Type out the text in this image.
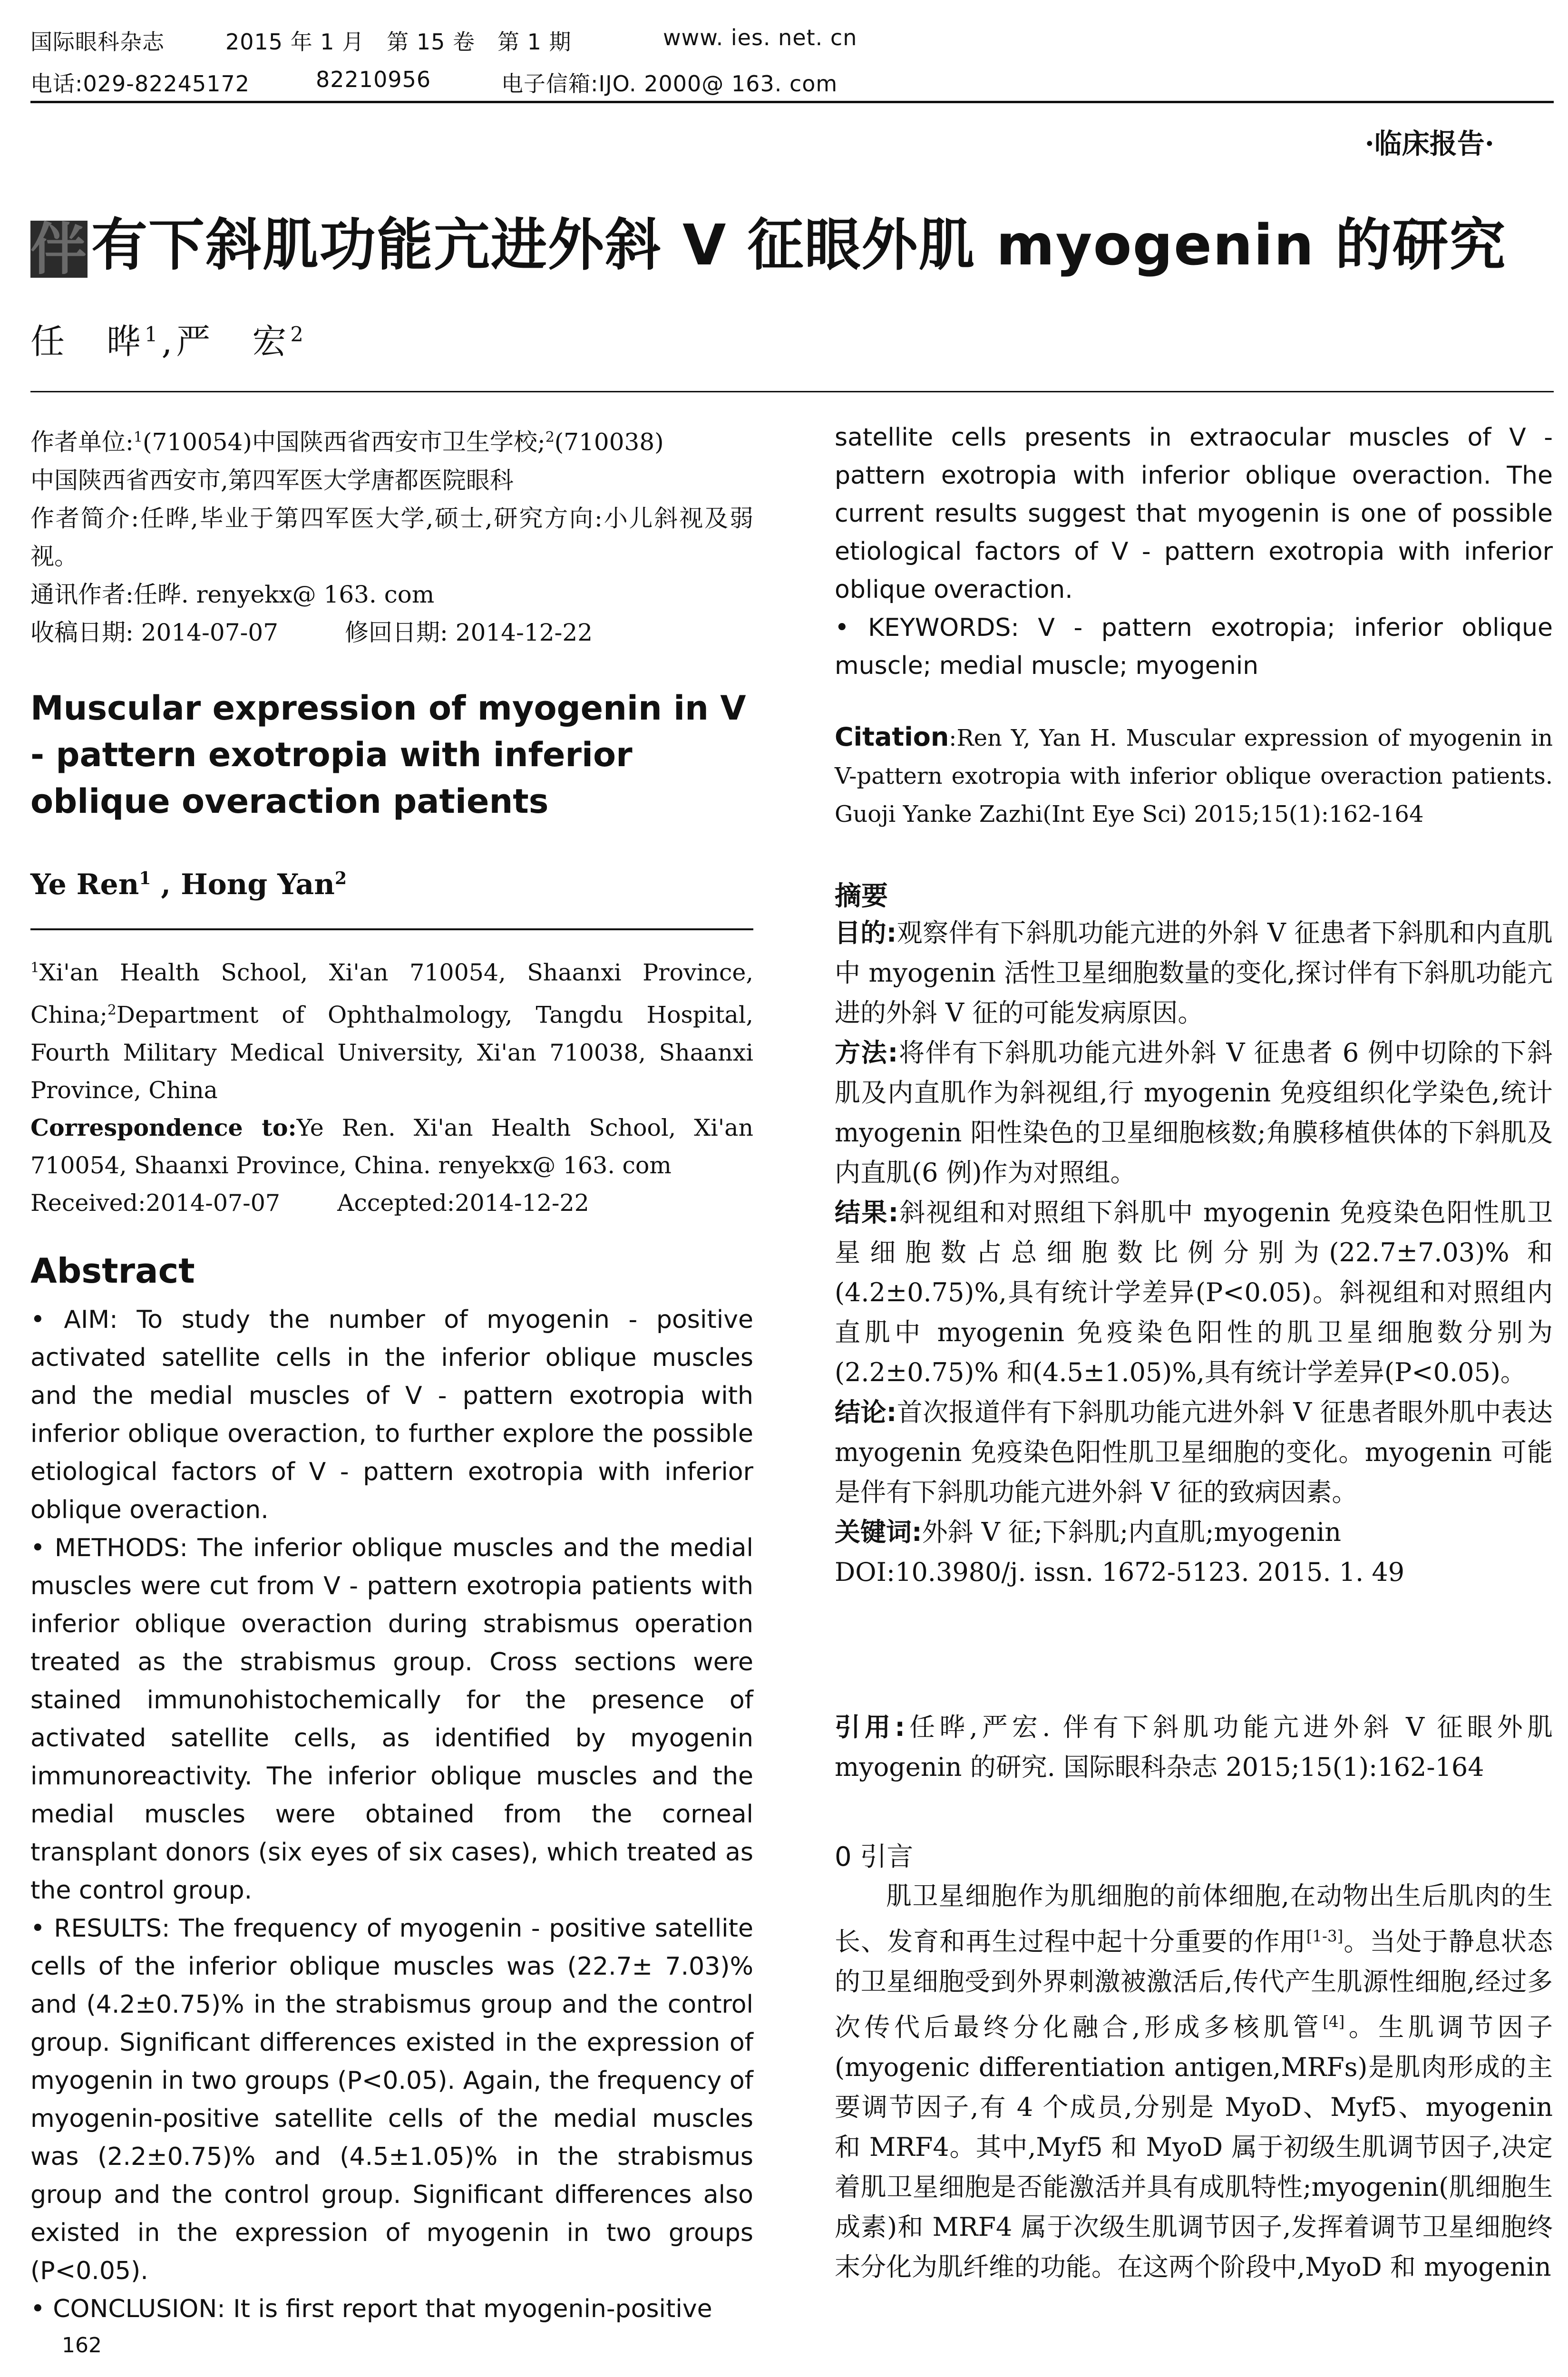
国际眼科杂志	2015 年 1 月　第 15 卷　第 1 期	www. ies. net. cn
电话:029-82245172	82210956	电子信箱:IJO. 2000@ 163. com
·临床报告·
伴有下斜肌功能亢进外斜 V 征眼外肌 myogenin 的研究
任　晔$^1$,严　宏$^2$

作者单位:$^1$(710054)中国陕西省西安市卫生学校;$^2$(710038)
中国陕西省西安市,第四军医大学唐都医院眼科

作者简介:任晔,毕业于第四军医大学,硕士,研究方向:小儿斜视及弱视。

通讯作者:任晔. renyekx@ 163. com

收稿日期: 2014-07-07	修回日期: 2014-12-22

Muscular expression of myogenin in V - pattern exotropia with inferior oblique overaction patients
Ye Ren$^1$ , Hong Yan$^2$

$^1$Xi'an Health School, Xi'an 710054, Shaanxi Province, China;$^2$Department of Ophthalmology, Tangdu Hospital, Fourth Military Medical University, Xi'an 710038, Shaanxi Province, China

Correspondence to:Ye Ren. Xi'an Health School, Xi'an 710054, Shaanxi Province, China. renyekx@ 163. com

Received:2014-07-07 Accepted:2014-12-22

Abstract

• AIM: To study the number of myogenin - positive activated satellite cells in the inferior oblique muscles and the medial muscles of V - pattern exotropia with inferior oblique overaction, to further explore the possible etiological factors of V - pattern exotropia with inferior oblique overaction.

• METHODS: The inferior oblique muscles and the medial muscles were cut from V - pattern exotropia patients with inferior oblique overaction during strabismus operation treated as the strabismus group. Cross sections were stained immunohistochemically for the presence of activated satellite cells, as identified by myogenin immunoreactivity. The inferior oblique muscles and the medial muscles were obtained from the corneal transplant donors (six eyes of six cases), which treated as the control group.

• RESULTS: The frequency of myogenin - positive satellite cells of the inferior oblique muscles was (22.7± 7.03)% and (4.2±0.75)% in the strabismus group and the control group. Significant differences existed in the expression of myogenin in two groups (P<0.05). Again, the frequency of myogenin-positive satellite cells of the medial muscles was (2.2±0.75)% and (4.5±1.05)% in the strabismus group and the control group. Significant differences also existed in the expression of myogenin in two groups (P<0.05).

• CONCLUSION: It is first report that myogenin-positive

satellite cells presents in extraocular muscles of V - pattern exotropia with inferior oblique overaction. The current results suggest that myogenin is one of possible etiological factors of V - pattern exotropia with inferior oblique overaction.

• KEYWORDS: V - pattern exotropia; inferior oblique muscle; medial muscle; myogenin

Citation:Ren Y, Yan H. Muscular expression of myogenin in V-pattern exotropia with inferior oblique overaction patients. Guoji Yanke Zazhi(Int Eye Sci) 2015;15(1):162-164
摘要

目的:观察伴有下斜肌功能亢进的外斜 V 征患者下斜肌和内直肌中 myogenin 活性卫星细胞数量的变化,探讨伴有下斜肌功能亢进的外斜 V 征的可能发病原因。

方法:将伴有下斜肌功能亢进外斜 V 征患者 6 例中切除的下斜肌及内直肌作为斜视组,行 myogenin 免疫组织化学染色,统计 myogenin 阳性染色的卫星细胞核数;角膜移植供体的下斜肌及内直肌(6 例)作为对照组。

结果:斜视组和对照组下斜肌中 myogenin 免疫染色阳性肌卫星细胞数占总细胞数比例分别为(22.7±7.03)% 和(4.2±0.75)%,具有统计学差异(P<0.05)。斜视组和对照组内直肌中 myogenin 免疫染色阳性的肌卫星细胞数分别为(2.2±0.75)% 和(4.5±1.05)%,具有统计学差异(P<0.05)。

结论:首次报道伴有下斜肌功能亢进外斜 V 征患者眼外肌中表达 myogenin 免疫染色阳性肌卫星细胞的变化。myogenin 可能是伴有下斜肌功能亢进外斜 V 征的致病因素。

关键词:外斜 V 征;下斜肌;内直肌;myogenin

DOI:10.3980/j. issn. 1672-5123. 2015. 1. 49

引用:任晔,严宏. 伴有下斜肌功能亢进外斜 V 征眼外肌 myogenin 的研究. 国际眼科杂志 2015;15(1):162-164

0 引言

肌卫星细胞作为肌细胞的前体细胞,在动物出生后肌肉的生长、发育和再生过程中起十分重要的作用[1-3]。当处于静息状态的卫星细胞受到外界刺激被激活后,传代产生肌源性细胞,经过多次传代后最终分化融合,形成多核肌管[4]。生肌调节因子(myogenic differentiation antigen,MRFs)是肌肉形成的主要调节因子,有 4 个成员,分别是 MyoD、Myf5、myogenin 和 MRF4。其中,Myf5 和 MyoD 属于初级生肌调节因子,决定着肌卫星细胞是否能激活并具有成肌特性;myogenin(肌细胞生成素)和 MRF4 属于次级生肌调节因子,发挥着调节卫星细胞终末分化为肌纤维的功能。在这两个阶段中,MyoD 和 myogenin

162
